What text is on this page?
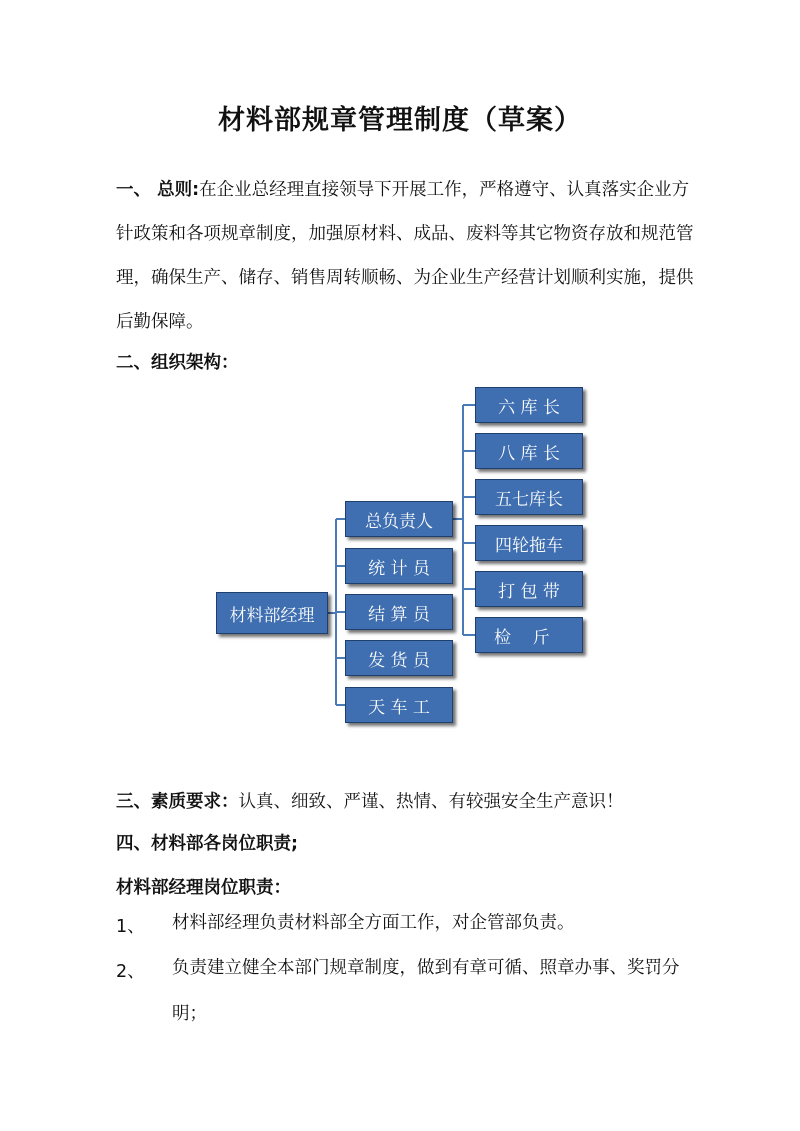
材料部规章管理制度（草案）
一、 总则:在企业总经理直接领导下开展工作，严格遵守、认真落实企业方针政策和各项规章制度，加强原材料、成品、废料等其它物资存放和规范管理，确保生产、储存、销售周转顺畅、为企业生产经营计划顺利实施，提供后勤保障。
二、组织架构：
材料部经理
总负责人
统 计 员
结 算 员
发 货 员
天 车 工
六 库 长
八 库 长
五七库长
四轮拖车
打 包 带
检    斤
三、素质要求：认真、细致、严谨、热情、有较强安全生产意识！
四、材料部各岗位职责;
材料部经理岗位职责：
1、 材料部经理负责材料部全方面工作，对企管部负责。
2、 负责建立健全本部门规章制度，做到有章可循、照章办事、奖罚分明；
